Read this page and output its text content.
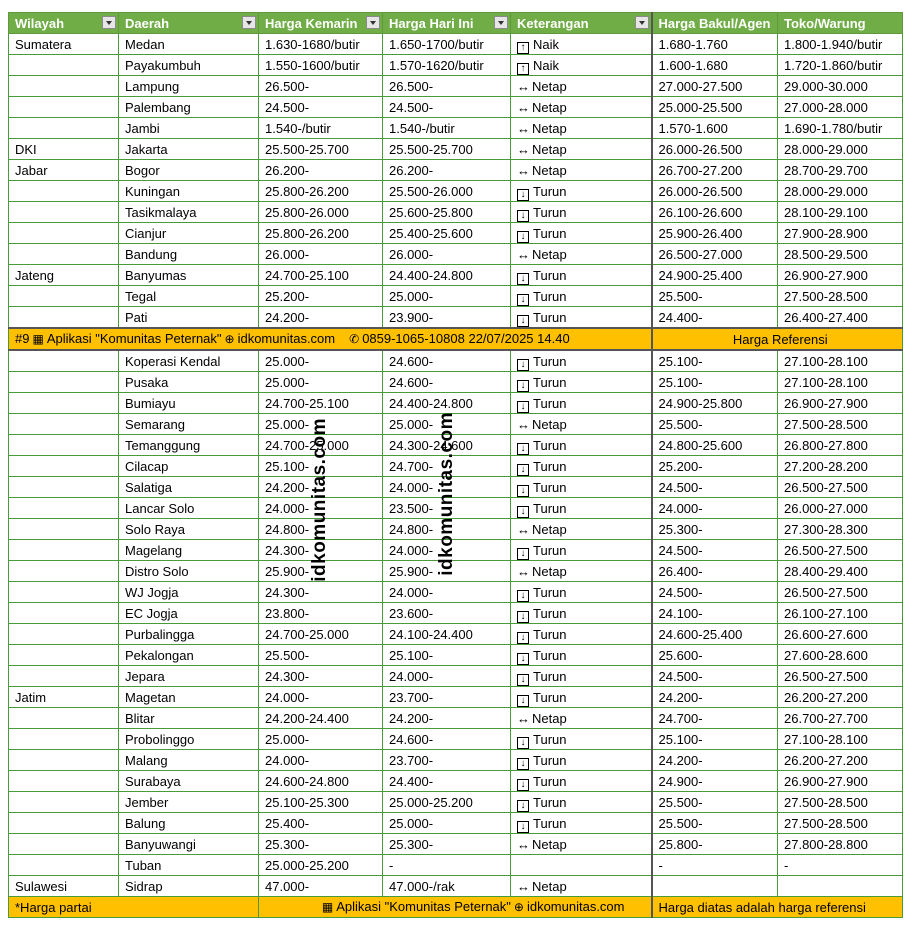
Wilayah	Daerah	Harga Kemarin	Harga Hari Ini	Keterangan	Harga Bakul/Agen	Toko/Warung
Sumatera	Medan	1.630-1680/butir	1.650-1700/butir	↑ Naik	1.680-1.760	1.800-1.940/butir
	Payakumbuh	1.550-1600/butir	1.570-1620/butir	↑ Naik	1.600-1.680	1.720-1.860/butir
	Lampung	26.500-	26.500-	↔ Netap	27.000-27.500	29.000-30.000
	Palembang	24.500-	24.500-	↔ Netap	25.000-25.500	27.000-28.000
	Jambi	1.540-/butir	1.540-/butir	↔ Netap	1.570-1.600	1.690-1.780/butir
DKI	Jakarta	25.500-25.700	25.500-25.700	↔ Netap	26.000-26.500	28.000-29.000
Jabar	Bogor	26.200-	26.200-	↔ Netap	26.700-27.200	28.700-29.700
	Kuningan	25.800-26.200	25.500-26.000	↓ Turun	26.000-26.500	28.000-29.000
	Tasikmalaya	25.800-26.000	25.600-25.800	↓ Turun	26.100-26.600	28.100-29.100
	Cianjur	25.800-26.200	25.400-25.600	↓ Turun	25.900-26.400	27.900-28.900
	Bandung	26.000-	26.000-	↔ Netap	26.500-27.000	28.500-29.500
Jateng	Banyumas	24.700-25.100	24.400-24.800	↓ Turun	24.900-25.400	26.900-27.900
	Tegal	25.200-	25.000-	↓ Turun	25.500-	27.500-28.500
	Pati	24.200-	23.900-	↓ Turun	24.400-	26.400-27.400
#9 ▦ Aplikasi "Komunitas Peternak" ⊕ idkomunitas.com ✆ 0859-1065-10808 22/07/2025 14.40					Harga Referensi	
	Koperasi Kendal	25.000-	24.600-	↓ Turun	25.100-	27.100-28.100
	Pusaka	25.000-	24.600-	↓ Turun	25.100-	27.100-28.100
	Bumiayu	24.700-25.100	24.400-24.800	↓ Turun	24.900-25.800	26.900-27.900
	Semarang	25.000-	25.000-	↔ Netap	25.500-	27.500-28.500
	Temanggung	24.700-25.000	24.300-24.600	↓ Turun	24.800-25.600	26.800-27.800
	Cilacap	25.100-	24.700-	↓ Turun	25.200-	27.200-28.200
	Salatiga	24.200-	24.000-	↓ Turun	24.500-	26.500-27.500
	Lancar Solo	24.000-	23.500-	↓ Turun	24.000-	26.000-27.000
	Solo Raya	24.800-	24.800-	↔ Netap	25.300-	27.300-28.300
	Magelang	24.300-	24.000-	↓ Turun	24.500-	26.500-27.500
	Distro Solo	25.900-	25.900-	↔ Netap	26.400-	28.400-29.400
	WJ Jogja	24.300-	24.000-	↓ Turun	24.500-	26.500-27.500
	EC Jogja	23.800-	23.600-	↓ Turun	24.100-	26.100-27.100
	Purbalingga	24.700-25.000	24.100-24.400	↓ Turun	24.600-25.400	26.600-27.600
	Pekalongan	25.500-	25.100-	↓ Turun	25.600-	27.600-28.600
	Jepara	24.300-	24.000-	↓ Turun	24.500-	26.500-27.500
Jatim	Magetan	24.000-	23.700-	↓ Turun	24.200-	26.200-27.200
	Blitar	24.200-24.400	24.200-	↔ Netap	24.700-	26.700-27.700
	Probolinggo	25.000-	24.600-	↓ Turun	25.100-	27.100-28.100
	Malang	24.000-	23.700-	↓ Turun	24.200-	26.200-27.200
	Surabaya	24.600-24.800	24.400-	↓ Turun	24.900-	26.900-27.900
	Jember	25.100-25.300	25.000-25.200	↓ Turun	25.500-	27.500-28.500
	Balung	25.400-	25.000-	↓ Turun	25.500-	27.500-28.500
	Banyuwangi	25.300-	25.300-	↔ Netap	25.800-	27.800-28.800
	Tuban	25.000-25.200	-		-	-
Sulawesi	Sidrap	47.000-	47.000-/rak	↔ Netap		
*Harga partai		▦ Aplikasi "Komunitas Peternak" ⊕ idkomunitas.com			Harga diatas adalah harga referensi	
idkomunitas.com	idkomunitas.com
